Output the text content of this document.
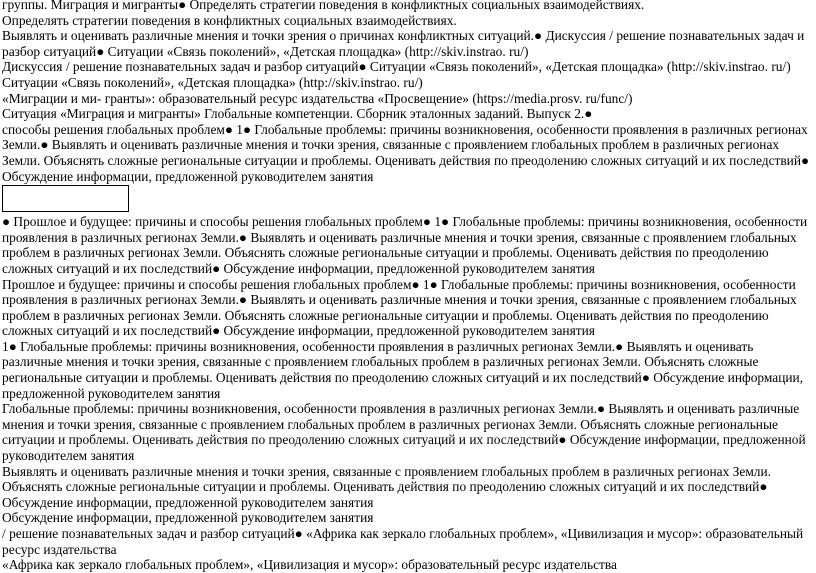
группы. Миграция и мигранты● Определять стратегии поведения в конфликтных социальных взаимодействиях.

Определять стратегии поведения в конфликтных социальных взаимодействиях.

Выявлять и оценивать различные мнения и точки зрения о причинах конфликтных ситуаций.● Дискуссия / решение познавательных задач и разбор ситуаций● Ситуации «Связь поколений», «Детская площадка» (http://skiv.instrao. ru/)

Дискуссия / решение познавательных задач и разбор ситуаций● Ситуации «Связь поколений», «Детская площадка» (http://skiv.instrao. ru/)

Ситуации «Связь поколений», «Детская площадка» (http://skiv.instrao. ru/)

«Миграции и ми- гранты»: образовательный ресурс издательства «Просвещение» (https://media.prosv. ru/func/)

Ситуация «Миграция и мигранты» Глобальные компетенции. Сборник эталонных заданий. Выпуск 2.●

способы решения глобальных проблем● 1● Глобальные проблемы: причины возникновения, особенности проявления в различных регионах Земли.● Выявлять и оценивать различные мнения и точки зрения, связанные с проявлением глобальных проблем в различных регионах Земли. Объяснять сложные региональные ситуации и проблемы. Оценивать действия по преодолению сложных ситуаций и их последствий● Обсуждение информации, предложенной руководителем занятия

● Прошлое и будущее: причины и способы решения глобальных проблем● 1● Глобальные проблемы: причины возникновения, особенности проявления в различных регионах Земли.● Выявлять и оценивать различные мнения и точки зрения, связанные с проявлением глобальных проблем в различных регионах Земли. Объяснять сложные региональные ситуации и проблемы. Оценивать действия по преодолению сложных ситуаций и их последствий● Обсуждение информации, предложенной руководителем занятия

Прошлое и будущее: причины и способы решения глобальных проблем● 1● Глобальные проблемы: причины возникновения, особенности проявления в различных регионах Земли.● Выявлять и оценивать различные мнения и точки зрения, связанные с проявлением глобальных проблем в различных регионах Земли. Объяснять сложные региональные ситуации и проблемы. Оценивать действия по преодолению сложных ситуаций и их последствий● Обсуждение информации, предложенной руководителем занятия

1● Глобальные проблемы: причины возникновения, особенности проявления в различных регионах Земли.● Выявлять и оценивать различные мнения и точки зрения, связанные с проявлением глобальных проблем в различных регионах Земли. Объяснять сложные региональные ситуации и проблемы. Оценивать действия по преодолению сложных ситуаций и их последствий● Обсуждение информации, предложенной руководителем занятия

Глобальные проблемы: причины возникновения, особенности проявления в различных регионах Земли.● Выявлять и оценивать различные мнения и точки зрения, связанные с проявлением глобальных проблем в различных регионах Земли. Объяснять сложные региональные ситуации и проблемы. Оценивать действия по преодолению сложных ситуаций и их последствий● Обсуждение информации, предложенной руководителем занятия

Выявлять и оценивать различные мнения и точки зрения, связанные с проявлением глобальных проблем в различных регионах Земли. Объяснять сложные региональные ситуации и проблемы. Оценивать действия по преодолению сложных ситуаций и их последствий● Обсуждение информации, предложенной руководителем занятия

Обсуждение информации, предложенной руководителем занятия

/ решение познавательных задач и разбор ситуаций● «Африка как зеркало глобальных проблем», «Цивилизация и мусор»: образовательный ресурс издательства

«Африка как зеркало глобальных проблем», «Цивилизация и мусор»: образовательный ресурс издательства
